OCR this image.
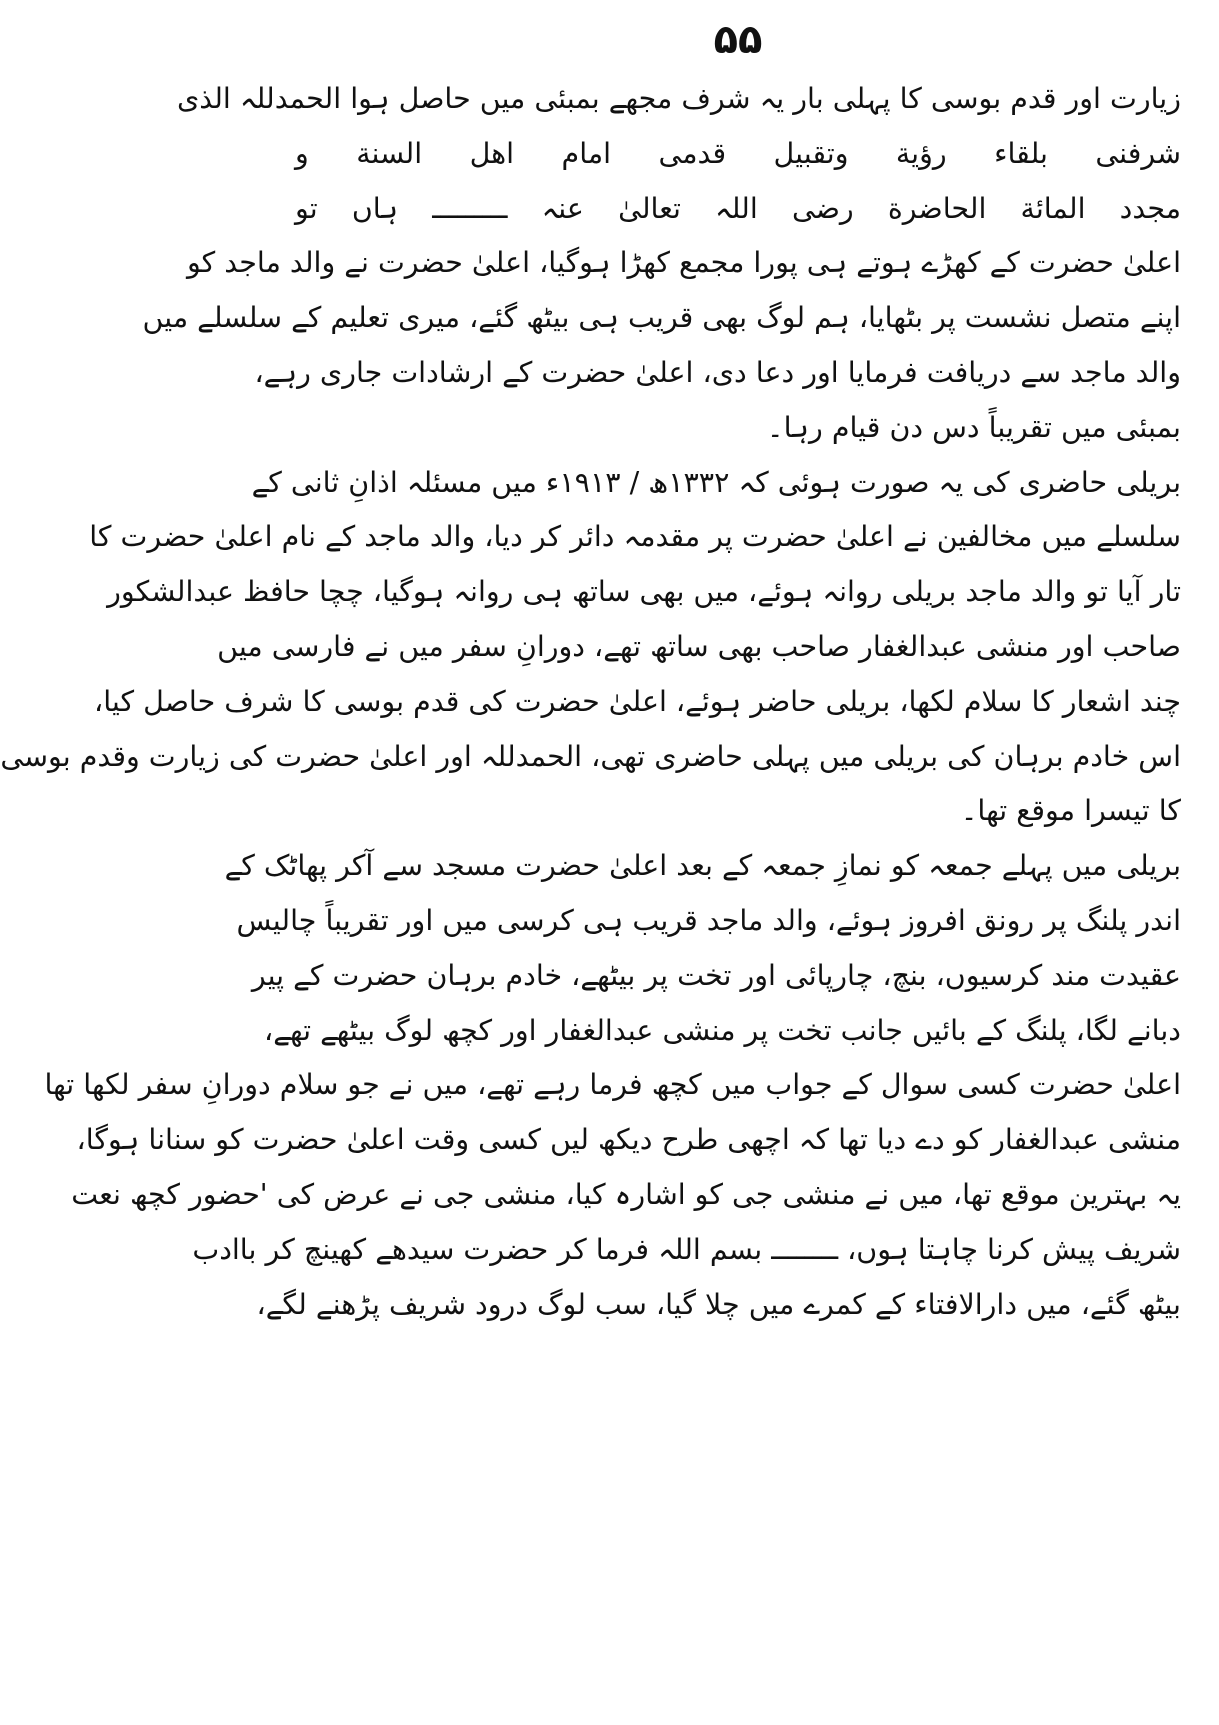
۵۵
زیارت اور قدم بوسی کا پہلی بار یہ شرف مجھے بمبئی میں حاصل ہوا الحمدللہ الذی
شرفنی بلقاء رؤیة وتقبیل قدمی امام اھل السنة و
مجدد المائة الحاضرة رضی اللہ تعالیٰ عنہ ـــــــــ ہاں تو
اعلیٰ حضرت کے کھڑے ہوتے ہی پورا مجمع کھڑا ہوگیا، اعلیٰ حضرت نے والد ماجد کو
اپنے متصل نشست پر بٹھایا، ہم لوگ بھی قریب ہی بیٹھ گئے، میری تعلیم کے سلسلے میں
والد ماجد سے دریافت فرمایا اور دعا دی، اعلیٰ حضرت کے ارشادات جاری رہے،
بمبئی میں تقریباً دس دن قیام رہا۔
بریلی حاضری کی یہ صورت ہوئی کہ ۱۳۳۲ھ / ۱۹۱۳ء میں مسئلہ اذانِ ثانی کے
سلسلے میں مخالفین نے اعلیٰ حضرت پر مقدمہ دائر کر دیا، والد ماجد کے نام اعلیٰ حضرت کا
تار آیا تو والد ماجد بریلی روانہ ہوئے، میں بھی ساتھ ہی روانہ ہوگیا، چچا حافظ عبدالشکور
صاحب اور منشی عبدالغفار صاحب بھی ساتھ تھے، دورانِ سفر میں نے فارسی میں
چند اشعار کا سلام لکھا، بریلی حاضر ہوئے، اعلیٰ حضرت کی قدم بوسی کا شرف حاصل کیا،
اس خادم برہان کی بریلی میں پہلی حاضری تھی، الحمدللہ اور اعلیٰ حضرت کی زیارت وقدم بوسی
کا تیسرا موقع تھا۔
بریلی میں پہلے جمعہ کو نمازِ جمعہ کے بعد اعلیٰ حضرت مسجد سے آکر پھاٹک کے
اندر پلنگ پر رونق افروز ہوئے، والد ماجد قریب ہی کرسی میں اور تقریباً چالیس
عقیدت مند کرسیوں، بنچ، چارپائی اور تخت پر بیٹھے، خادم برہان حضرت کے پیر
دبانے لگا، پلنگ کے بائیں جانب تخت پر منشی عبدالغفار اور کچھ لوگ بیٹھے تھے،
اعلیٰ حضرت کسی سوال کے جواب میں کچھ فرما رہے تھے، میں نے جو سلام دورانِ سفر لکھا تھا
منشی عبدالغفار کو دے دیا تھا کہ اچھی طرح دیکھ لیں کسی وقت اعلیٰ حضرت کو سنانا ہوگا،
یہ بہترین موقع تھا، میں نے منشی جی کو اشارہ کیا، منشی جی نے عرض کی 'حضور کچھ نعت
شریف پیش کرنا چاہتا ہوں، ــــــــ بسم اللہ فرما کر حضرت سیدھے کھینچ کر باادب
بیٹھ گئے، میں دارالافتاء کے کمرے میں چلا گیا، سب لوگ درود شریف پڑھنے لگے،
